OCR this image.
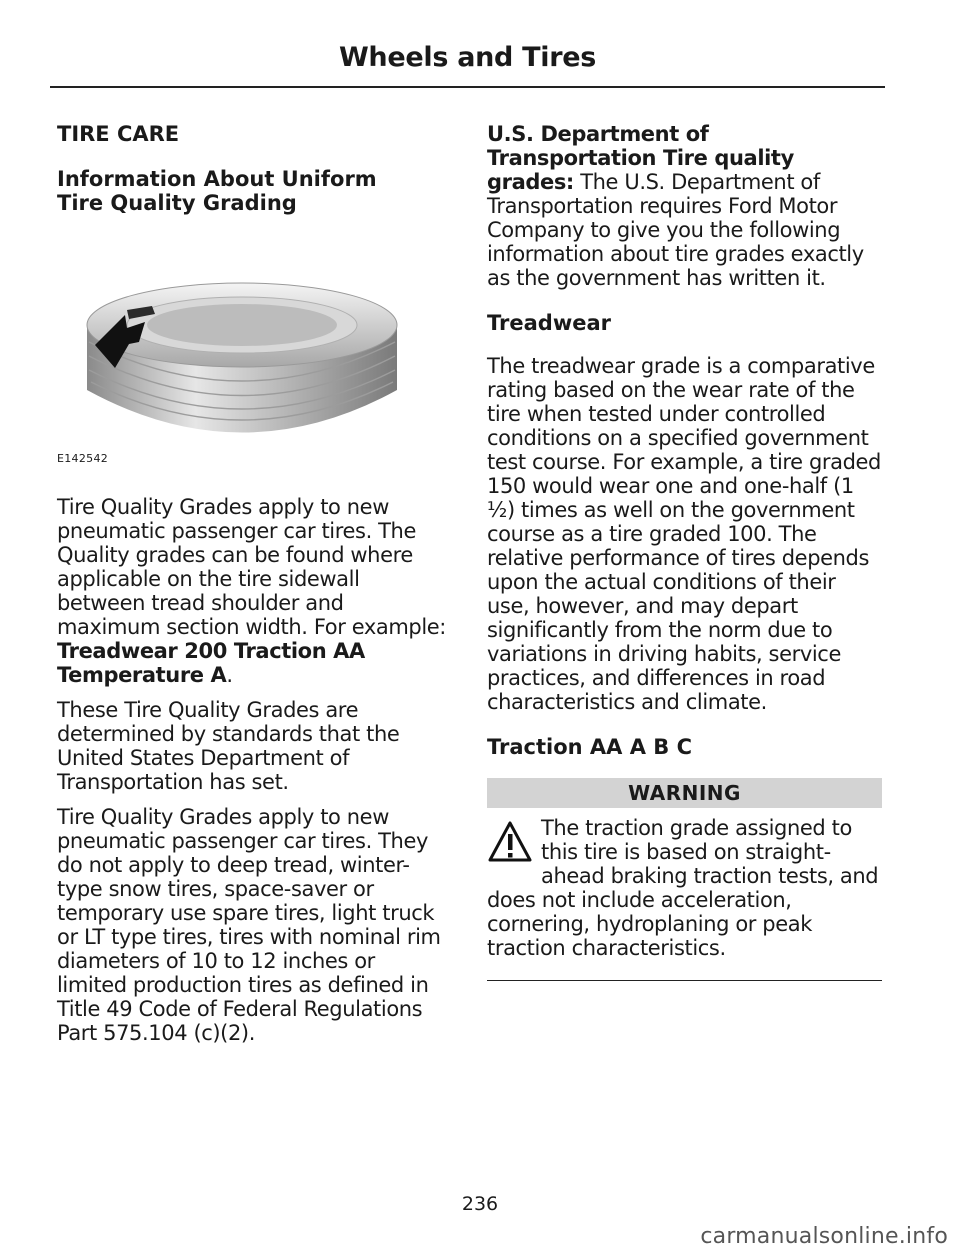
Wheels and Tires
TIRE CARE
Information About Uniform
Tire Quality Grading
E142542

Tire Quality Grades apply to new pneumatic passenger car tires. The Quality grades can be found where applicable on the tire sidewall between tread shoulder and maximum section width. For example: Treadwear 200 Traction AA Temperature A.

These Tire Quality Grades are determined by standards that the United States Department of Transportation has set.

Tire Quality Grades apply to new pneumatic passenger car tires. They do not apply to deep tread, winter-type snow tires, space-saver or temporary use spare tires, light truck or LT type tires, tires with nominal rim diameters of 10 to 12 inches or limited production tires as defined in Title 49 Code of Federal Regulations Part 575.104 (c)(2).

U.S. Department of Transportation Tire quality grades: The U.S. Department of Transportation requires Ford Motor Company to give you the following information about tire grades exactly as the government has written it.

Treadwear

The treadwear grade is a comparative rating based on the wear rate of the tire when tested under controlled conditions on a specified government test course. For example, a tire graded 150 would wear one and one-half (1 ½) times as well on the government course as a tire graded 100. The relative performance of tires depends upon the actual conditions of their use, however, and may depart significantly from the norm due to variations in driving habits, service practices, and differences in road characteristics and climate.

Traction AA A B C
WARNING

The traction grade assigned to this tire is based on straight-ahead braking traction tests, and does not include acceleration, cornering, hydroplaning or peak traction characteristics.

236
carmanualsonline.info
